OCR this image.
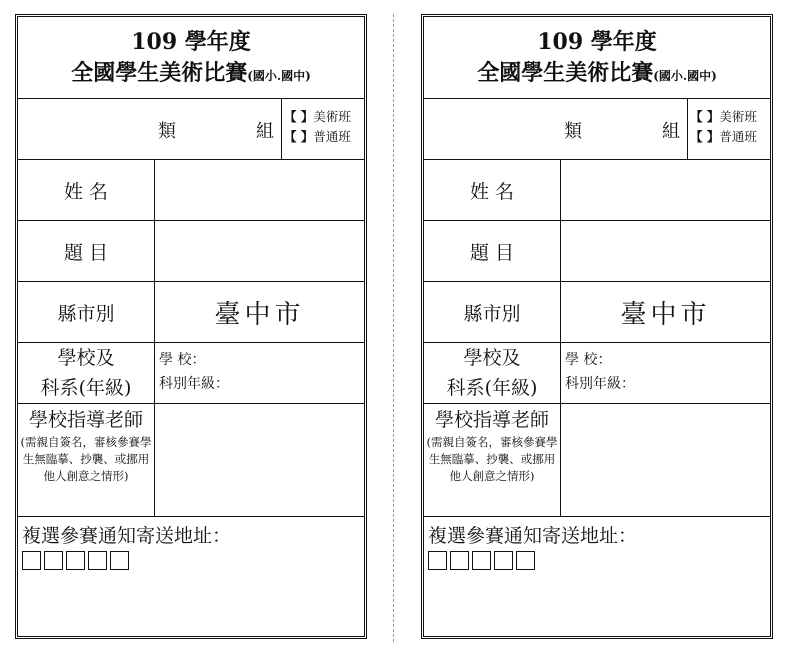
109 學年度
全國學生美術比賽(國小.國中)
類	組
【 】美術班
【 】普通班
姓 名
題 目
縣市別	臺中市
學校及
科系(年級)
學 校：
科別年級：
學校指導老師
(需親自簽名，審核參賽學生無臨摹、抄襲、或挪用他人創意之情形)
複選參賽通知寄送地址：
109 學年度
全國學生美術比賽(國小.國中)
類	組
【 】美術班
【 】普通班
姓 名
題 目
縣市別	臺中市
學校及
科系(年級)
學 校：
科別年級：
學校指導老師
(需親自簽名，審核參賽學生無臨摹、抄襲、或挪用他人創意之情形)
複選參賽通知寄送地址：
